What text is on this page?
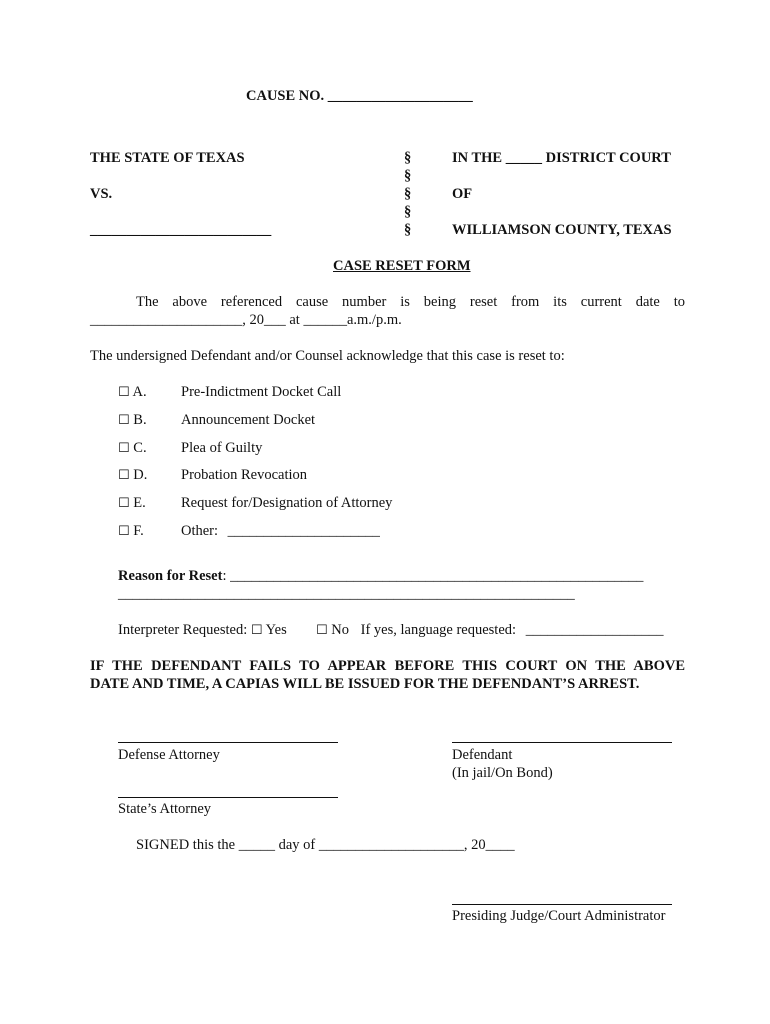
CAUSE NO. ____________________
THE STATE OF TEXAS
VS.
_________________________
§
§
§
§
§
IN THE _____ DISTRICT COURT
OF
WILLIAMSON COUNTY, TEXAS
CASE RESET FORM
The above referenced cause number is being reset from its current date to
_____________________, 20___ at ______a.m./p.m.
The undersigned Defendant and/or Counsel acknowledge that this case is reset to:
☐ A. Pre-Indictment Docket Call
☐ B. Announcement Docket
☐ C. Plea of Guilty
☐ D. Probation Revocation
☐ E. Request for/Designation of Attorney
☐ F.	Other: _____________________
Reason for Reset: _________________________________________________________
_______________________________________________________________
Interpreter Requested: ☐ Yes ☐ No If yes, language requested: ___________________
IF THE DEFENDANT FAILS TO APPEAR BEFORE THIS COURT ON THE ABOVE
DATE AND TIME, A CAPIAS WILL BE ISSUED FOR THE DEFENDANT’S ARREST.
Defense Attorney	Defendant
(In jail/On Bond)
State’s Attorney
SIGNED this the _____ day of ____________________, 20____
Presiding Judge/Court Administrator
